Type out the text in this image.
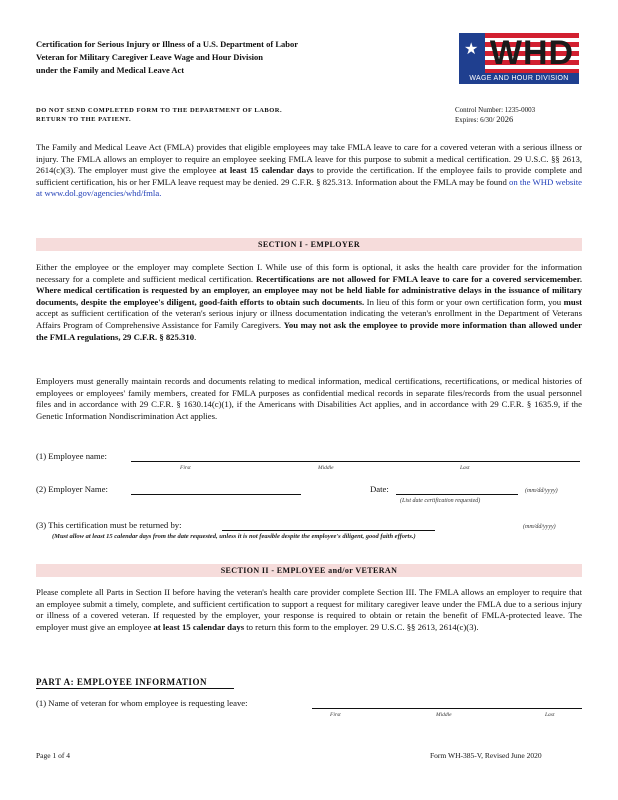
Certification for Serious Injury or Illness of a U.S. Department of Labor
Veteran for Military Caregiver Leave Wage and Hour Division
under the Family and Medical Leave Act
★ WHD
WAGE AND HOUR DIVISION
DO NOT SEND COMPLETED FORM TO THE DEPARTMENT OF LABOR.
RETURN TO THE PATIENT.
Control Number: 1235-0003
Expires: 6/30/ 2026
The Family and Medical Leave Act (FMLA) provides that eligible employees may take FMLA leave to care for a covered veteran with a serious illness or injury. The FMLA allows an employer to require an employee seeking FMLA leave for this purpose to submit a medical certification. 29 U.S.C. §§ 2613, 2614(c)(3). The employer must give the employee at least 15 calendar days to provide the certification. If the employee fails to provide complete and sufficient certification, his or her FMLA leave request may be denied. 29 C.F.R. § 825.313. Information about the FMLA may be found on the WHD website at www.dol.gov/agencies/whd/fmla.
SECTION I - EMPLOYER
Either the employee or the employer may complete Section I. While use of this form is optional, it asks the health care provider for the information necessary for a complete and sufficient medical certification. Recertifications are not allowed for FMLA leave to care for a covered servicemember. Where medical certification is requested by an employer, an employee may not be held liable for administrative delays in the issuance of military documents, despite the employee's diligent, good-faith efforts to obtain such documents. In lieu of this form or your own certification form, you must accept as sufficient certification of the veteran's serious injury or illness documentation indicating the veteran's enrollment in the Department of Veterans Affairs Program of Comprehensive Assistance for Family Caregivers. You may not ask the employee to provide more information than allowed under the FMLA regulations, 29 C.F.R. § 825.310.
Employers must generally maintain records and documents relating to medical information, medical certifications, recertifications, or medical histories of employees or employees' family members, created for FMLA purposes as confidential medical records in separate files/records from the usual personnel files and in accordance with 29 C.F.R. § 1630.14(c)(1), if the Americans with Disabilities Act applies, and in accordance with 29 C.F.R. § 1635.9, if the Genetic Information Nondiscrimination Act applies.
(1) Employee name:
First	Middle	Last
(2) Employer Name:	Date:	(mm/dd/yyyy)
(List date certification requested)
(3) This certification must be returned by:	(mm/dd/yyyy)
(Must allow at least 15 calendar days from the date requested, unless it is not feasible despite the employee's diligent, good faith efforts.)
SECTION II - EMPLOYEE and/or VETERAN
Please complete all Parts in Section II before having the veteran's health care provider complete Section III. The FMLA allows an employer to require that an employee submit a timely, complete, and sufficient certification to support a request for military caregiver leave under the FMLA due to a serious injury or illness of a covered veteran. If requested by the employer, your response is required to obtain or retain the benefit of FMLA-protected leave. The employer must give an employee at least 15 calendar days to return this form to the employer. 29 U.S.C. §§ 2613, 2614(c)(3).
PART A: EMPLOYEE INFORMATION
(1) Name of veteran for whom employee is requesting leave:
First	Middle	Last
Page 1 of 4	Form WH-385-V, Revised June 2020
